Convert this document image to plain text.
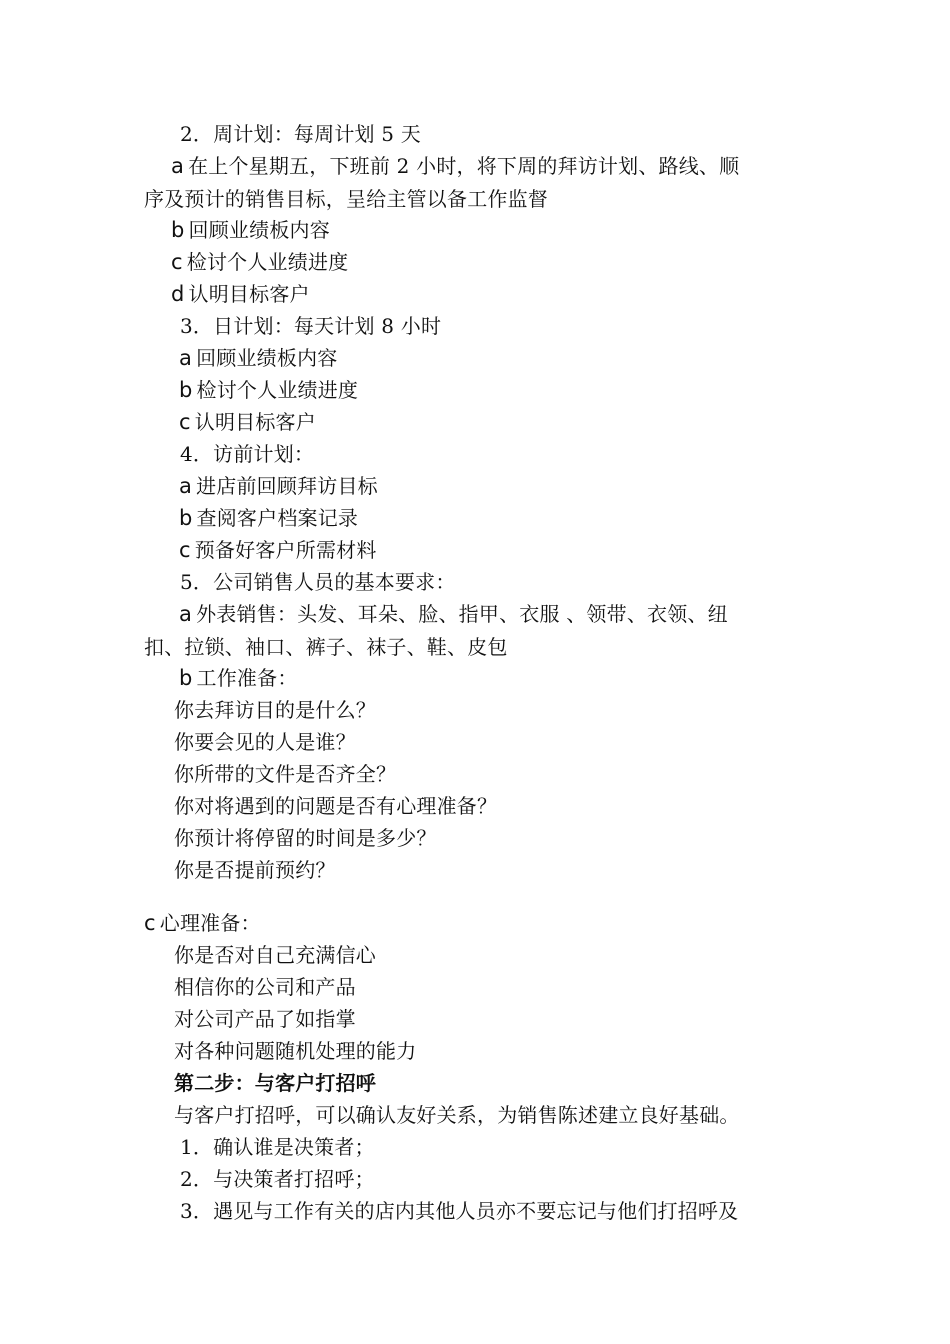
2．周计划：每周计划 5 天
a 在上个星期五，下班前 2 小时，将下周的拜访计划、路线、顺
序及预计的销售目标，呈给主管以备工作监督
b 回顾业绩板内容
c 检讨个人业绩进度
d 认明目标客户
3．日计划：每天计划 8 小时
a 回顾业绩板内容
b 检讨个人业绩进度
c 认明目标客户
4．访前计划：
a 进店前回顾拜访目标
b 查阅客户档案记录
c 预备好客户所需材料
5．公司销售人员的基本要求：
a 外表销售：头发、耳朵、脸、指甲、衣服 、领带、衣领、纽
扣、拉锁、袖口、裤子、袜子、鞋、皮包
b 工作准备：
你去拜访目的是什么？
你要会见的人是谁？
你所带的文件是否齐全？
你对将遇到的问题是否有心理准备？
你预计将停留的时间是多少？
你是否提前预约？
c 心理准备：
你是否对自己充满信心
相信你的公司和产品
对公司产品了如指掌
对各种问题随机处理的能力
第二步：与客户打招呼
与客户打招呼，可以确认友好关系，为销售陈述建立良好基础。
1．确认谁是决策者；
2．与决策者打招呼；
3．遇见与工作有关的店内其他人员亦不要忘记与他们打招呼及
